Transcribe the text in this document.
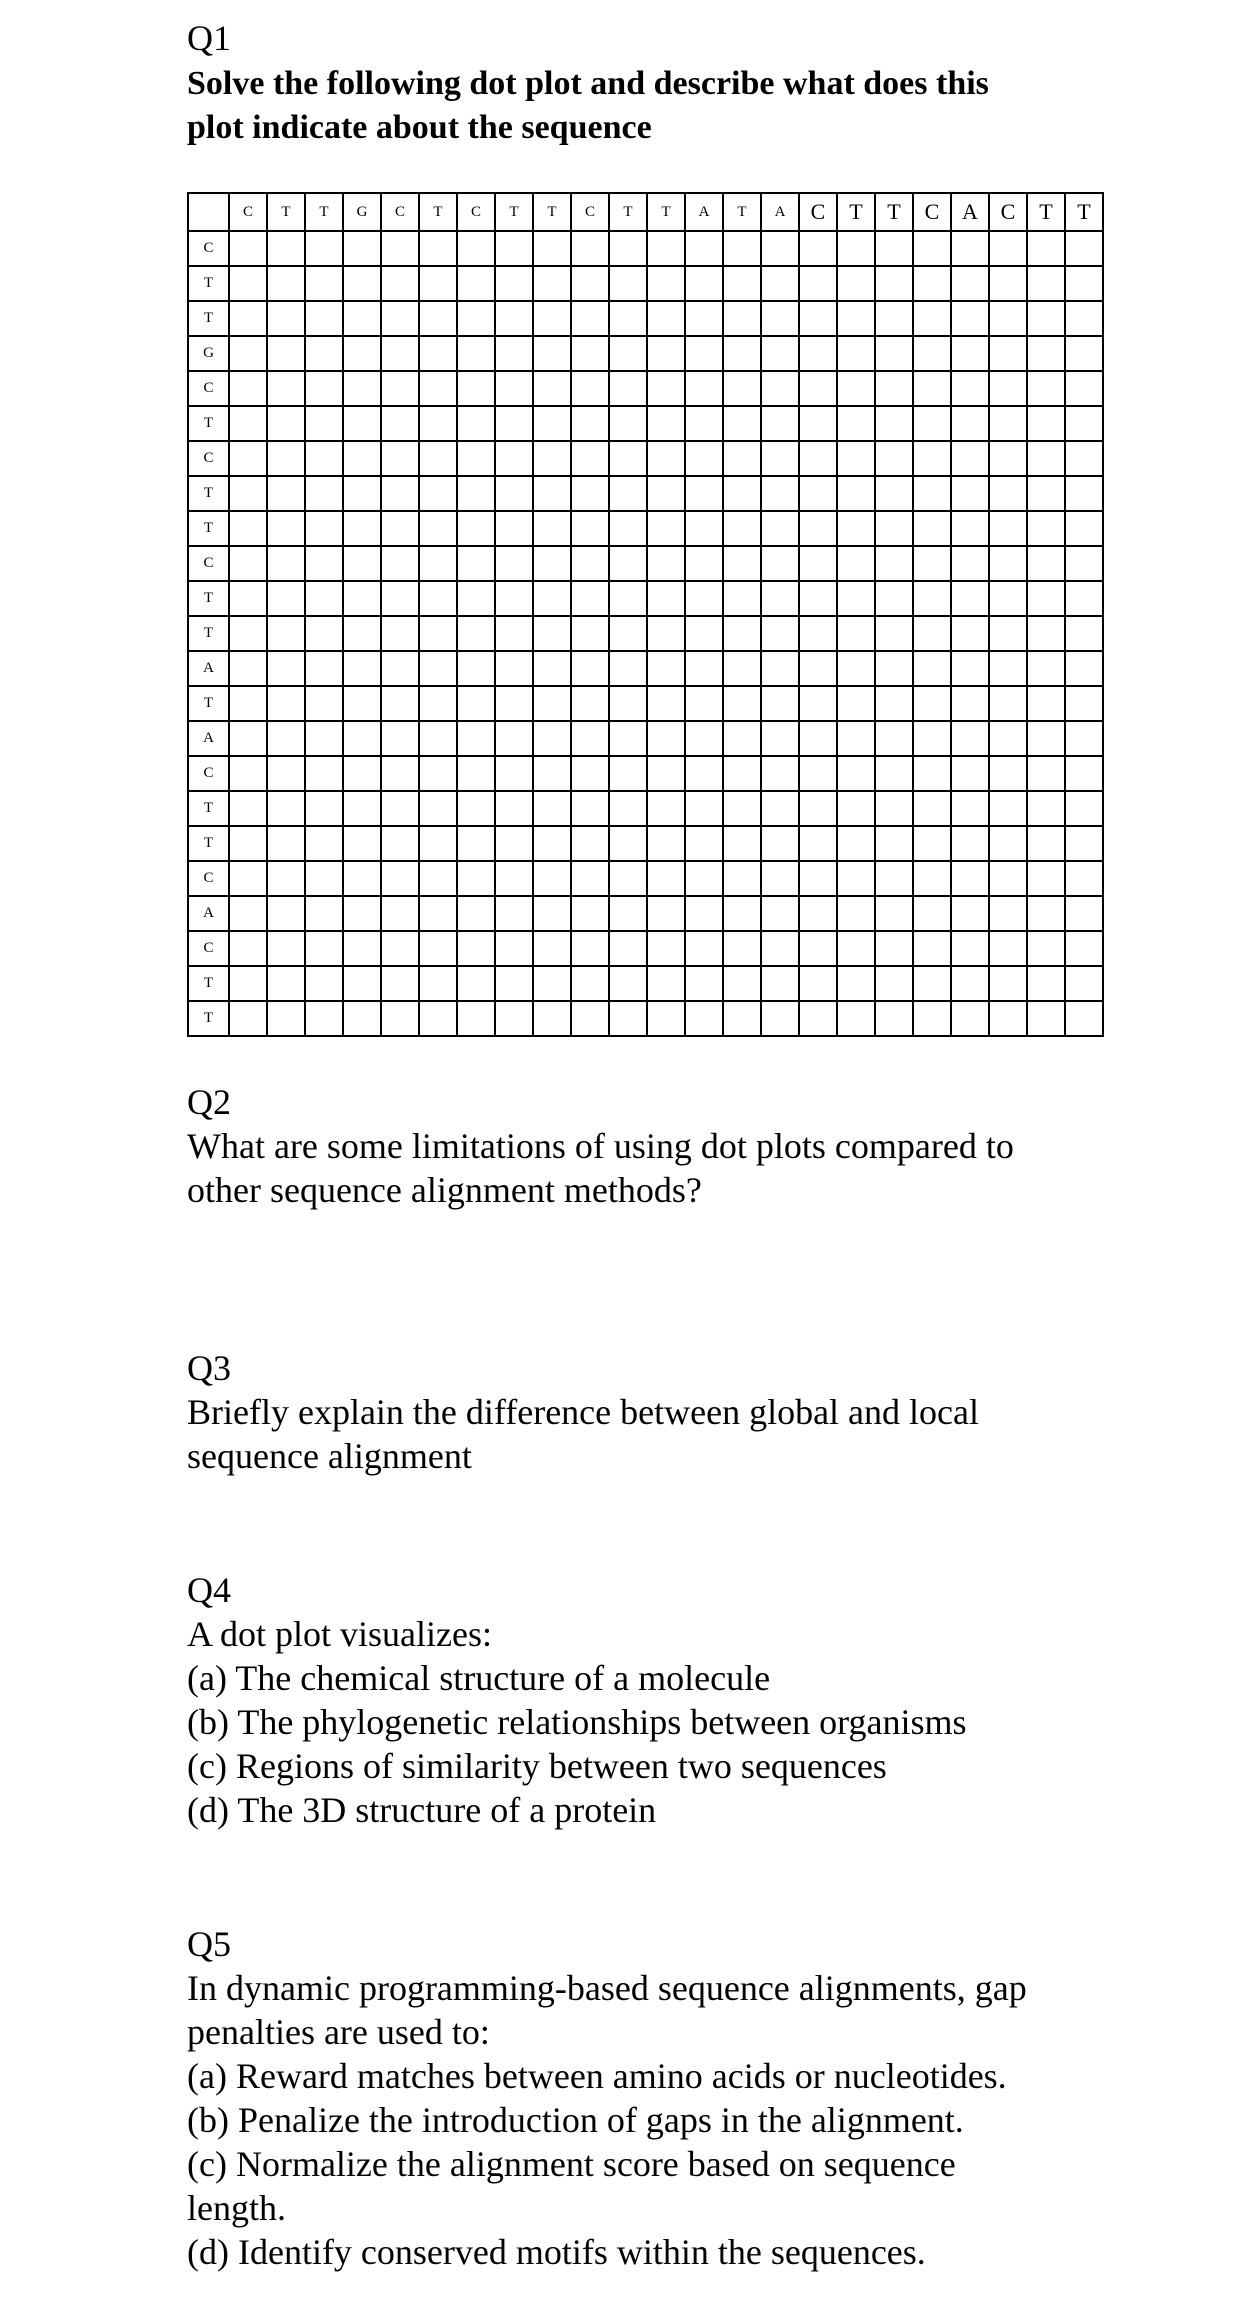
Q1
Solve the following dot plot and describe what does this
plot indicate about the sequence
	C	T	T	G	C	T	C	T	T	C	T	T	A	T	A	C	T	T	C	A	C	T	T
C																							
T																							
T																							
G																							
C																							
T																							
C																							
T																							
T																							
C																							
T																							
T																							
A																							
T																							
A																							
C																							
T																							
T																							
C																							
A																							
C																							
T																							
T																							
Q2
What are some limitations of using dot plots compared to
other sequence alignment methods?
Q3
Briefly explain the difference between global and local
sequence alignment
Q4
A dot plot visualizes:
(a) The chemical structure of a molecule
(b) The phylogenetic relationships between organisms
(c) Regions of similarity between two sequences
(d) The 3D structure of a protein
Q5
In dynamic programming-based sequence alignments, gap
penalties are used to:
(a) Reward matches between amino acids or nucleotides.
(b) Penalize the introduction of gaps in the alignment.
(c) Normalize the alignment score based on sequence
length.
(d) Identify conserved motifs within the sequences.
